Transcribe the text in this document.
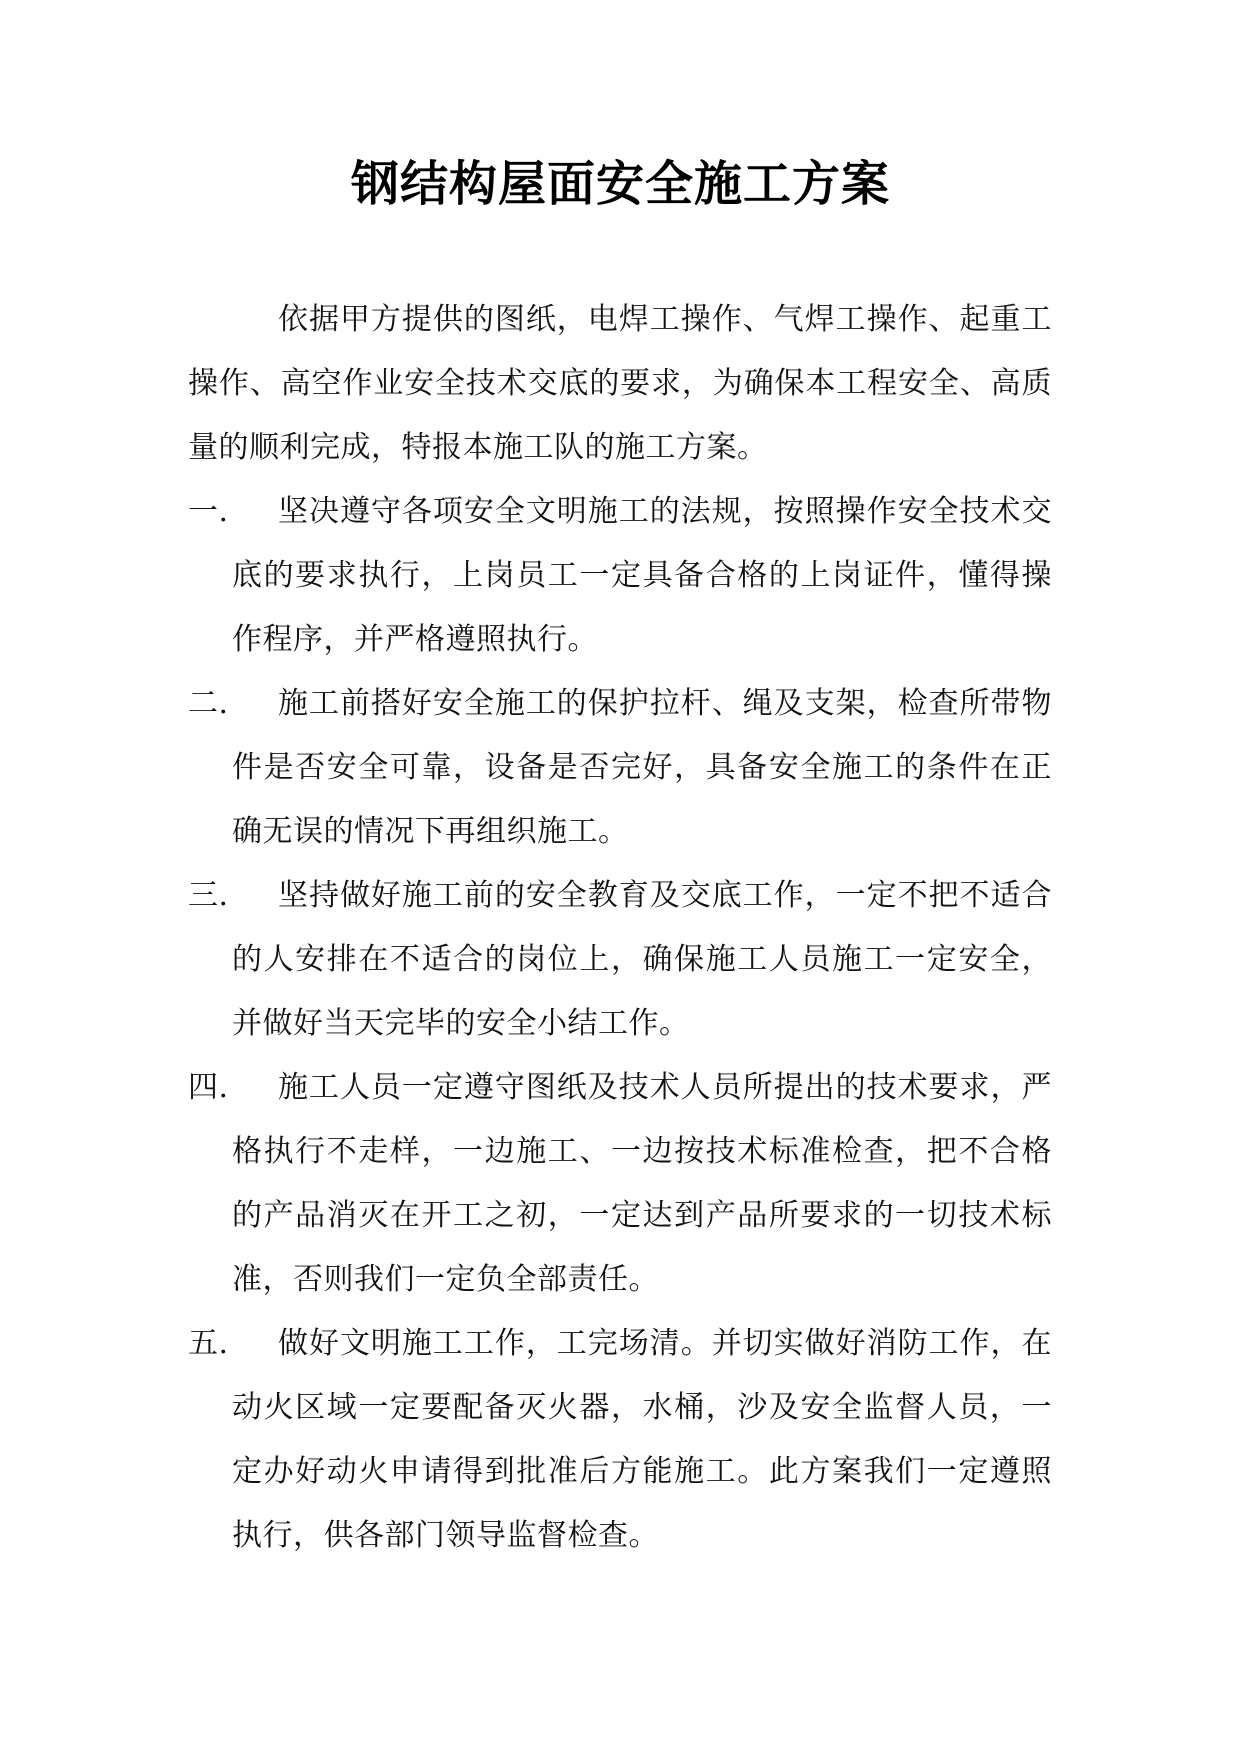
钢结构屋面安全施工方案

依据甲方提供的图纸，电焊工操作、气焊工操作、起重工操作、高空作业安全技术交底的要求，为确保本工程安全、高质量的顺利完成，特报本施工队的施工方案。

一.	坚决遵守各项安全文明施工的法规，按照操作安全技术交底的要求执行，上岗员工一定具备合格的上岗证件，懂得操作程序，并严格遵照执行。

二.	施工前搭好安全施工的保护拉杆、绳及支架，检查所带物件是否安全可靠，设备是否完好，具备安全施工的条件在正确无误的情况下再组织施工。

三.	坚持做好施工前的安全教育及交底工作，一定不把不适合的人安排在不适合的岗位上，确保施工人员施工一定安全，并做好当天完毕的安全小结工作。

四.	施工人员一定遵守图纸及技术人员所提出的技术要求，严格执行不走样，一边施工、一边按技术标准检查，把不合格的产品消灭在开工之初，一定达到产品所要求的一切技术标准，否则我们一定负全部责任。

五.	做好文明施工工作，工完场清。并切实做好消防工作，在动火区域一定要配备灭火器，水桶，沙及安全监督人员，一定办好动火申请得到批准后方能施工。此方案我们一定遵照执行，供各部门领导监督检查。
